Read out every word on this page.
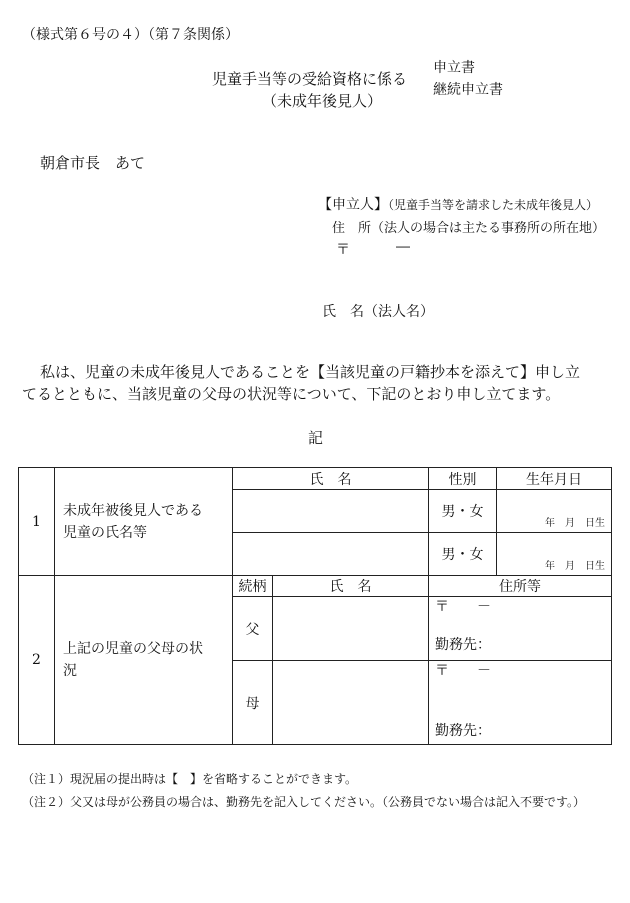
（様式第６号の４）（第７条関係）
児童手当等の受給資格に係る
（未成年後見人）
申立書
継続申立書
朝倉市長　あて
【申立人】（児童手当等を請求した未成年後見人）
住　所（法人の場合は主たる事務所の所在地）
〒	―
氏　名（法人名）
私は、児童の未成年後見人であることを【当該児童の戸籍抄本を添えて】申し立
てるとともに、当該児童の父母の状況等について、下記のとおり申し立てます。
記
1	未成年被後見人である
児童の氏名等	氏　名		性別	生年月日
				男・女	年　月　日生

				男・女	年　月　日生

2	上記の児童の父母の状
況	続柄	氏　名	住所等	
		父		〒　　－
勤務先：	

		母		〒　　－
勤務先：	
（注１）現況届の提出時は【　】を省略することができます。
（注２）父又は母が公務員の場合は、勤務先を記入してください。（公務員でない場合は記入不要です。）
